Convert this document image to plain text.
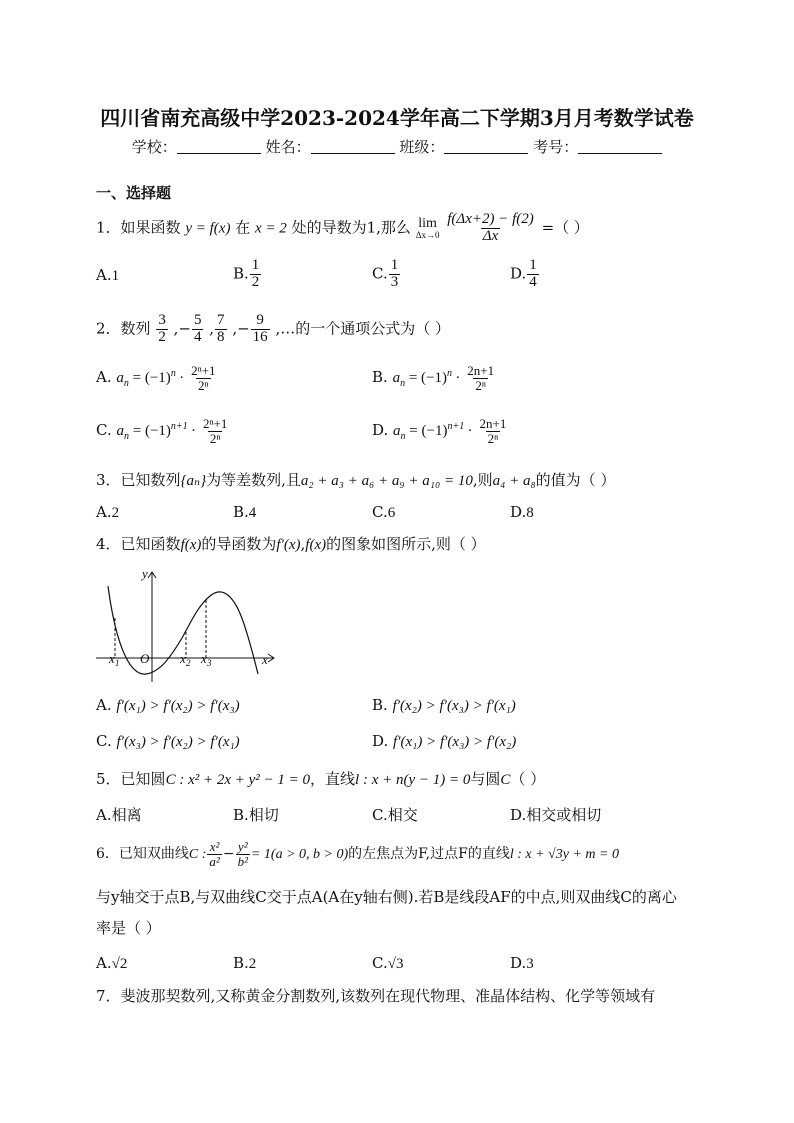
四川省南充高级中学2023-2024学年高二下学期3月月考数学试卷
学校：	姓名：	班级：	考号：
一、选择题
1．如果函数 y = f(x) 在 x = 2 处的导数为1,那么 lim
Δx→0
$\frac{f(\Delta x+2) - f(2)}{\Delta x}$ =（ ）
A.1	B. $\frac{1}{2}$	C. $\frac{1}{3}$	D. $\frac{1}{4}$
2．数列 $\frac{3}{2}$ ,− $\frac{5}{4}$ , $\frac{7}{8}$ ,− $\frac{9}{16}$ ,…的一个通项公式为（ ）
A. $a_n = (-1)^n \cdot \frac{\text{2ⁿ+1}}{\text{2ⁿ}}$	B. $a_n = (-1)^n \cdot \frac{2n+1}{\text{2ⁿ}}$
C. $a_n = (-1)^{n+1} \cdot \frac{\text{2ⁿ+1}}{\text{2ⁿ}}$	D. $a_n = (-1)^{n+1} \cdot \frac{2n+1}{\text{2ⁿ}}$
3．已知数列{aₙ}为等差数列,且a₂ + a₃ + a₆ + a₉ + a₁₀ = 10,则a₄ + a₈的值为（ ）
A.2	B.4	C.6	D.8
4．已知函数f(x)的导函数为f′(x),f(x)的图象如图所示,则（ ）
y
x
O
x 1	x 2 x 3
A. f′(x₁) > f′(x₂) > f′(x₃)	B. f′(x₂) > f′(x₃) > f′(x₁)
C. f′(x₃) > f′(x₂) > f′(x₁)	D. f′(x₁) > f′(x₃) > f′(x₂)
5．已知圆C : x² + 2x + y² − 1 = 0，直线l : x + n(y − 1) = 0与圆C（ ）
A.相离	B.相切	C.相交	D.相交或相切
6．已知双曲线C : $\frac{\text{x²}}{\text{a²}} - \frac{\text{y²}}{\text{b²}} = 1(a > 0$, b > 0)的左焦点为F,过点F的直线l : x + √3y + m = 0
与y轴交于点B,与双曲线C交于点A(A在y轴右侧).若B是线段AF的中点,则双曲线C的离心
率是（ ）
A.√2	B.2	C.√3	D.3
7．斐波那契数列,又称黄金分割数列,该数列在现代物理、准晶体结构、化学等领域有
